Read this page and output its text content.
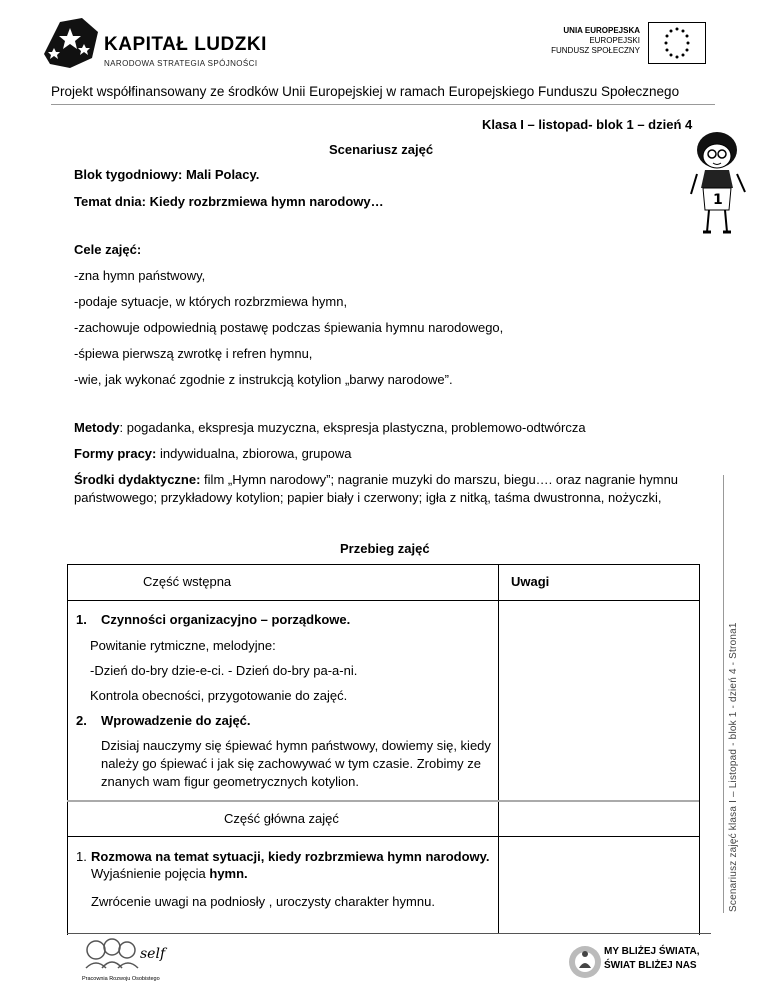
KAPITAŁ LUDZKI
NARODOWA STRATEGIA SPÓJNOŚCI
UNIA EUROPEJSKA
EUROPEJSKI
FUNDUSZ SPOŁECZNY
Projekt współfinansowany ze środków Unii Europejskiej w ramach Europejskiego Funduszu Społecznego
Klasa I – listopad- blok 1 – dzień 4
Scenariusz zajęć
1
Blok tygodniowy: Mali Polacy.
Temat dnia: Kiedy rozbrzmiewa hymn narodowy…
Cele zajęć:
-zna hymn państwowy,
-podaje sytuacje, w których rozbrzmiewa hymn,
-zachowuje odpowiednią postawę podczas śpiewania hymnu narodowego,
-śpiewa pierwszą zwrotkę i refren hymnu,
-wie, jak wykonać zgodnie z instrukcją kotylion „barwy narodowe”.
Metody: pogadanka, ekspresja muzyczna, ekspresja plastyczna, problemowo-odtwórcza
Formy pracy: indywidualna, zbiorowa, grupowa
Środki dydaktyczne: film „Hymn narodowy”; nagranie muzyki do marszu, biegu…. oraz nagranie hymnu
państwowego; przykładowy kotylion; papier biały i czerwony; igła z nitką, taśma dwustronna, nożyczki,
Przebieg zajęć
Scenariusz zajęć klasa I – Listopad - blok 1 - dzień 4 - Strona1
Część wstępna	Uwagi
1. Czynności organizacyjno – porządkowe.
Powitanie rytmiczne, melodyjne:
-Dzień do-bry dzie-e-ci. - Dzień do-bry pa-a-ni.
Kontrola obecności, przygotowanie do zajęć.
2. Wprowadzenie do zajęć.
Dzisiaj nauczymy się śpiewać hymn państwowy, dowiemy się, kiedy
należy go śpiewać i jak się zachowywać w tym czasie. Zrobimy ze
znanych wam figur geometrycznych kotylion.
Część główna zajęć
1. Rozmowa na temat sytuacji, kiedy rozbrzmiewa hymn narodowy.
Wyjaśnienie pojęcia hymn.
Zwrócenie uwagi na podniosły , uroczysty charakter hymnu.
self
Pracownia Rozwoju Osobistego
MY BLIŻEJ ŚWIATA,
ŚWIAT BLIŻEJ NAS
